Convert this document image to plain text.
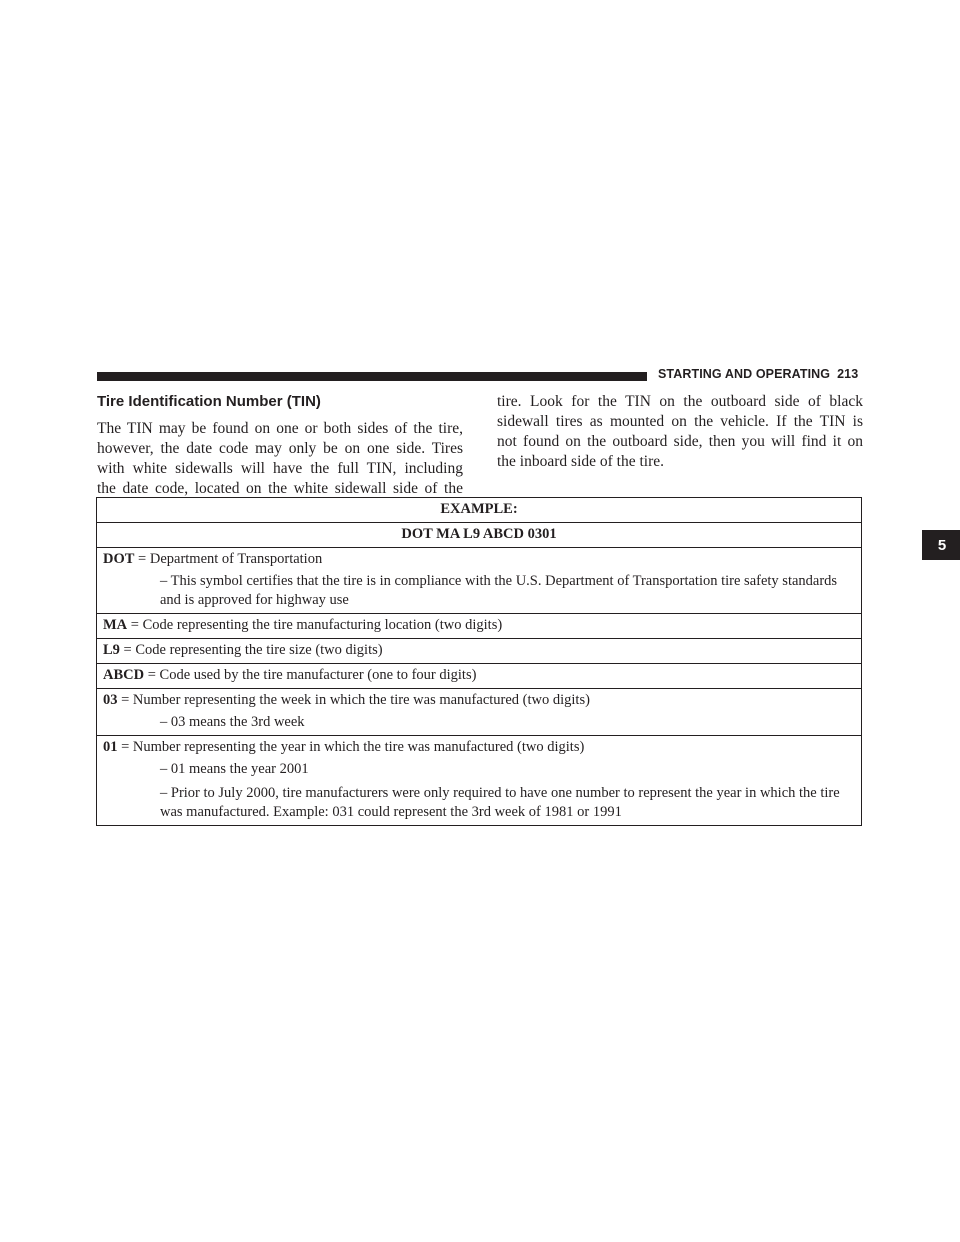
STARTING AND OPERATING 213
Tire Identification Number (TIN)

The TIN may be found on one or both sides of the tire,
however, the date code may only be on one side. Tires
with white sidewalls will have the full TIN, including
the date code, located on the white sidewall side of the

tire. Look for the TIN on the outboard side of black
sidewall tires as mounted on the vehicle. If the TIN is
not found on the outboard side, then you will find it on
the inboard side of the tire.

5
EXAMPLE:
DOT MA L9 ABCD 0301
DOT = Department of Transportation
– This symbol certifies that the tire is in compliance with the U.S. Department of Transportation tire safety standards and is approved for highway use
MA = Code representing the tire manufacturing location (two digits)
L9 = Code representing the tire size (two digits)
ABCD = Code used by the tire manufacturer (one to four digits)
03 = Number representing the week in which the tire was manufactured (two digits)
– 03 means the 3rd week
01 = Number representing the year in which the tire was manufactured (two digits)
– 01 means the year 2001
– Prior to July 2000, tire manufacturers were only required to have one number to represent the year in which the tire was manufactured. Example: 031 could represent the 3rd week of 1981 or 1991
